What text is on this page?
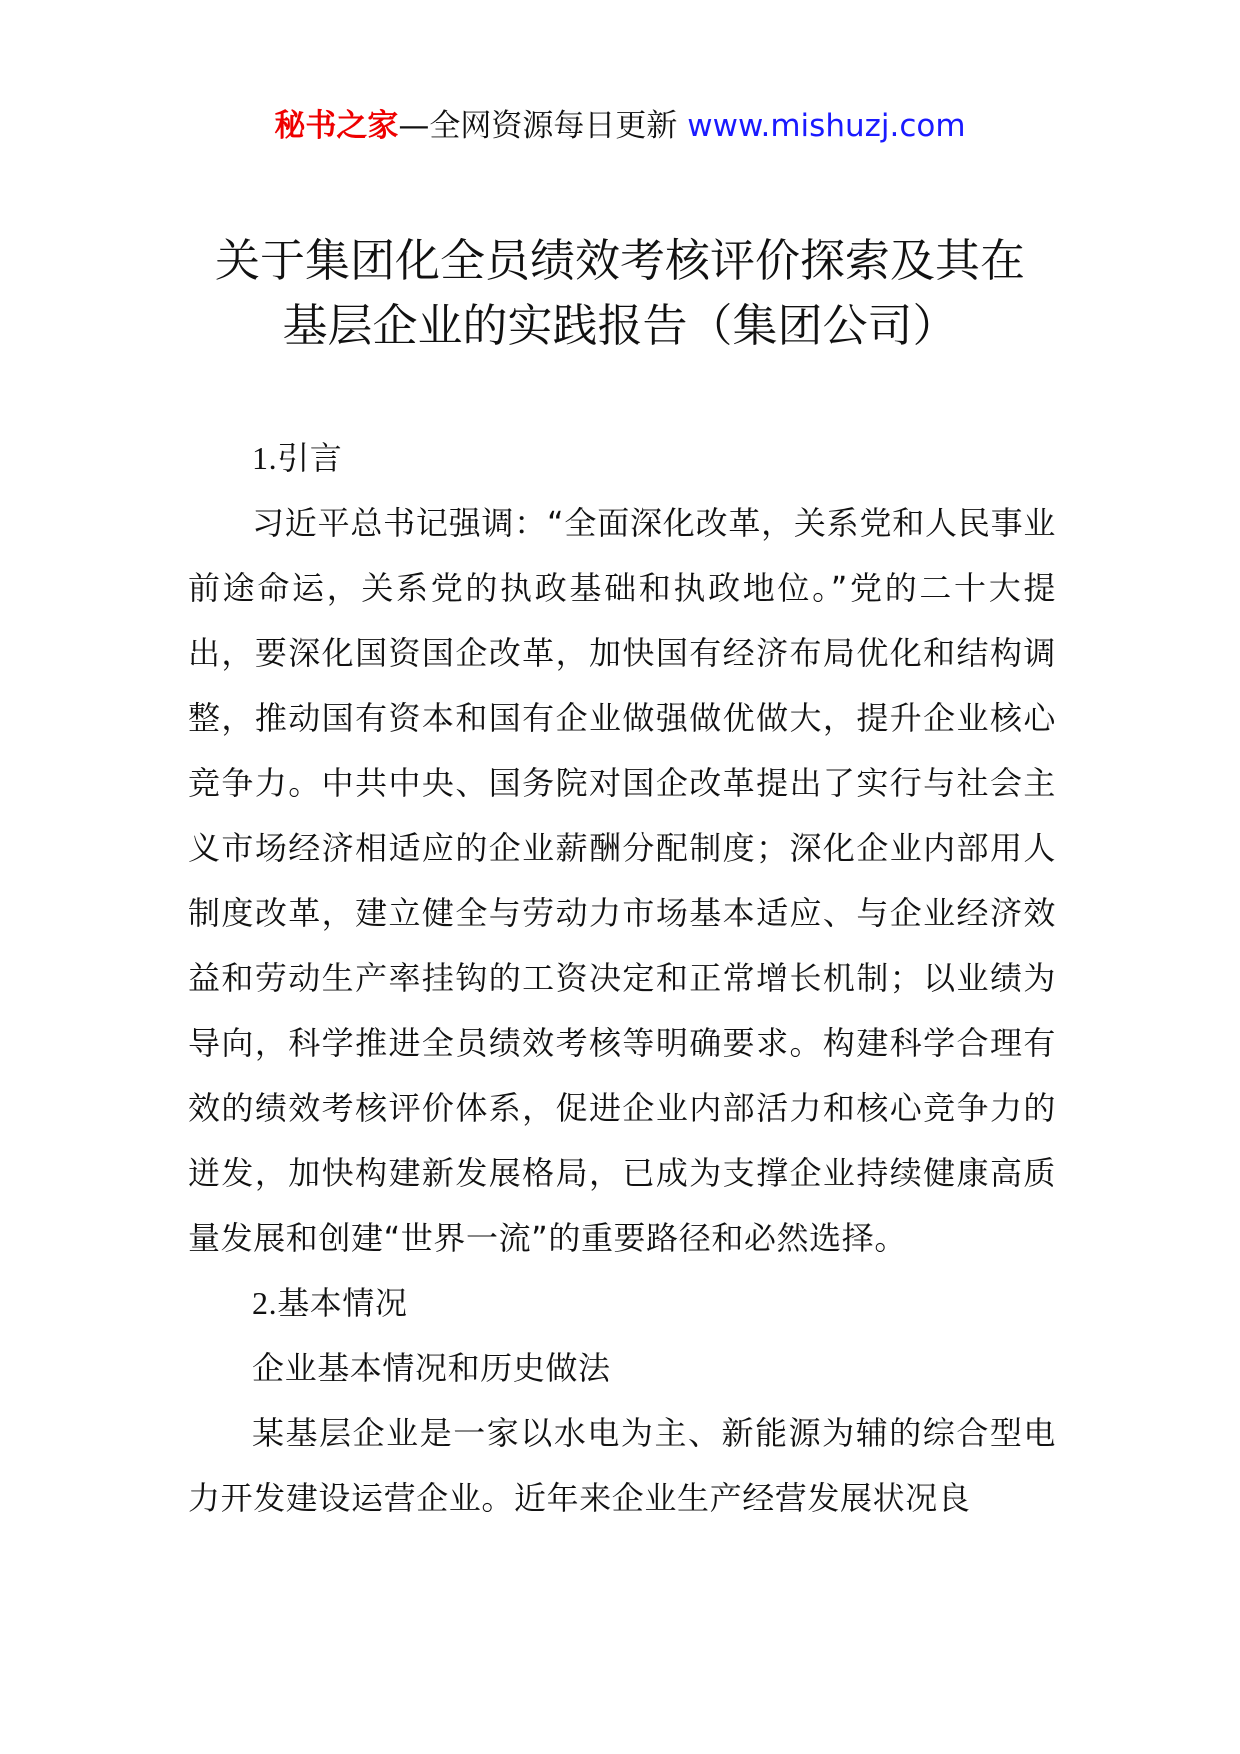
秘书之家—全网资源每日更新 www.mishuzj.com
关于集团化全员绩效考核评价探索及其在
基层企业的实践报告（集团公司）

1.引言

习近平总书记强调：“全面深化改革，关系党和人民事业前途命运，关系党的执政基础和执政地位。”党的二十大提出，要深化国资国企改革，加快国有经济布局优化和结构调整，推动国有资本和国有企业做强做优做大，提升企业核心竞争力。中共中央、国务院对国企改革提出了实行与社会主义市场经济相适应的企业薪酬分配制度；深化企业内部用人制度改革，建立健全与劳动力市场基本适应、与企业经济效益和劳动生产率挂钩的工资决定和正常增长机制；以业绩为导向，科学推进全员绩效考核等明确要求。构建科学合理有效的绩效考核评价体系，促进企业内部活力和核心竞争力的迸发，加快构建新发展格局，已成为支撑企业持续健康高质量发展和创建“世界一流”的重要路径和必然选择。

2.基本情况

企业基本情况和历史做法

某基层企业是一家以水电为主、新能源为辅的综合型电力开发建设运营企业。近年来企业生产经营发展状况良
